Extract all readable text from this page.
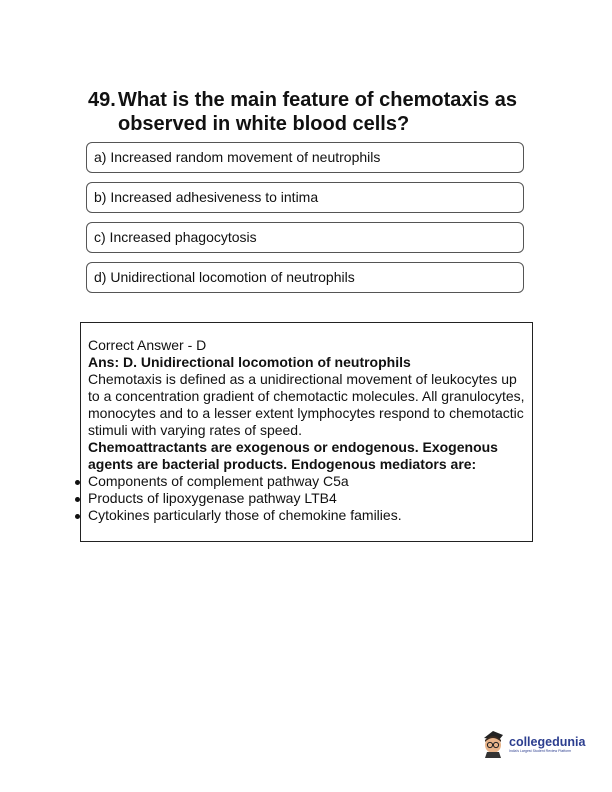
49. What is the main feature of chemotaxis as observed in white blood cells?
a) Increased random movement of neutrophils
b) Increased adhesiveness to intima
c) Increased phagocytosis
d) Unidirectional locomotion of neutrophils
Correct Answer - D
Ans: D. Unidirectional locomotion of neutrophils
Chemotaxis is defined as a unidirectional movement of leukocytes up to a concentration gradient of chemotactic molecules. All granulocytes, monocytes and to a lesser extent lymphocytes respond to chemotactic stimuli with varying rates of speed.
Chemoattractants are exogenous or endogenous. Exogenous agents are bacterial products. Endogenous mediators are:
Components of complement pathway C5a
Products of lipoxygenase pathway LTB4
Cytokines particularly those of chemokine families.
collegedunia
India's Largest Student Review Platform
